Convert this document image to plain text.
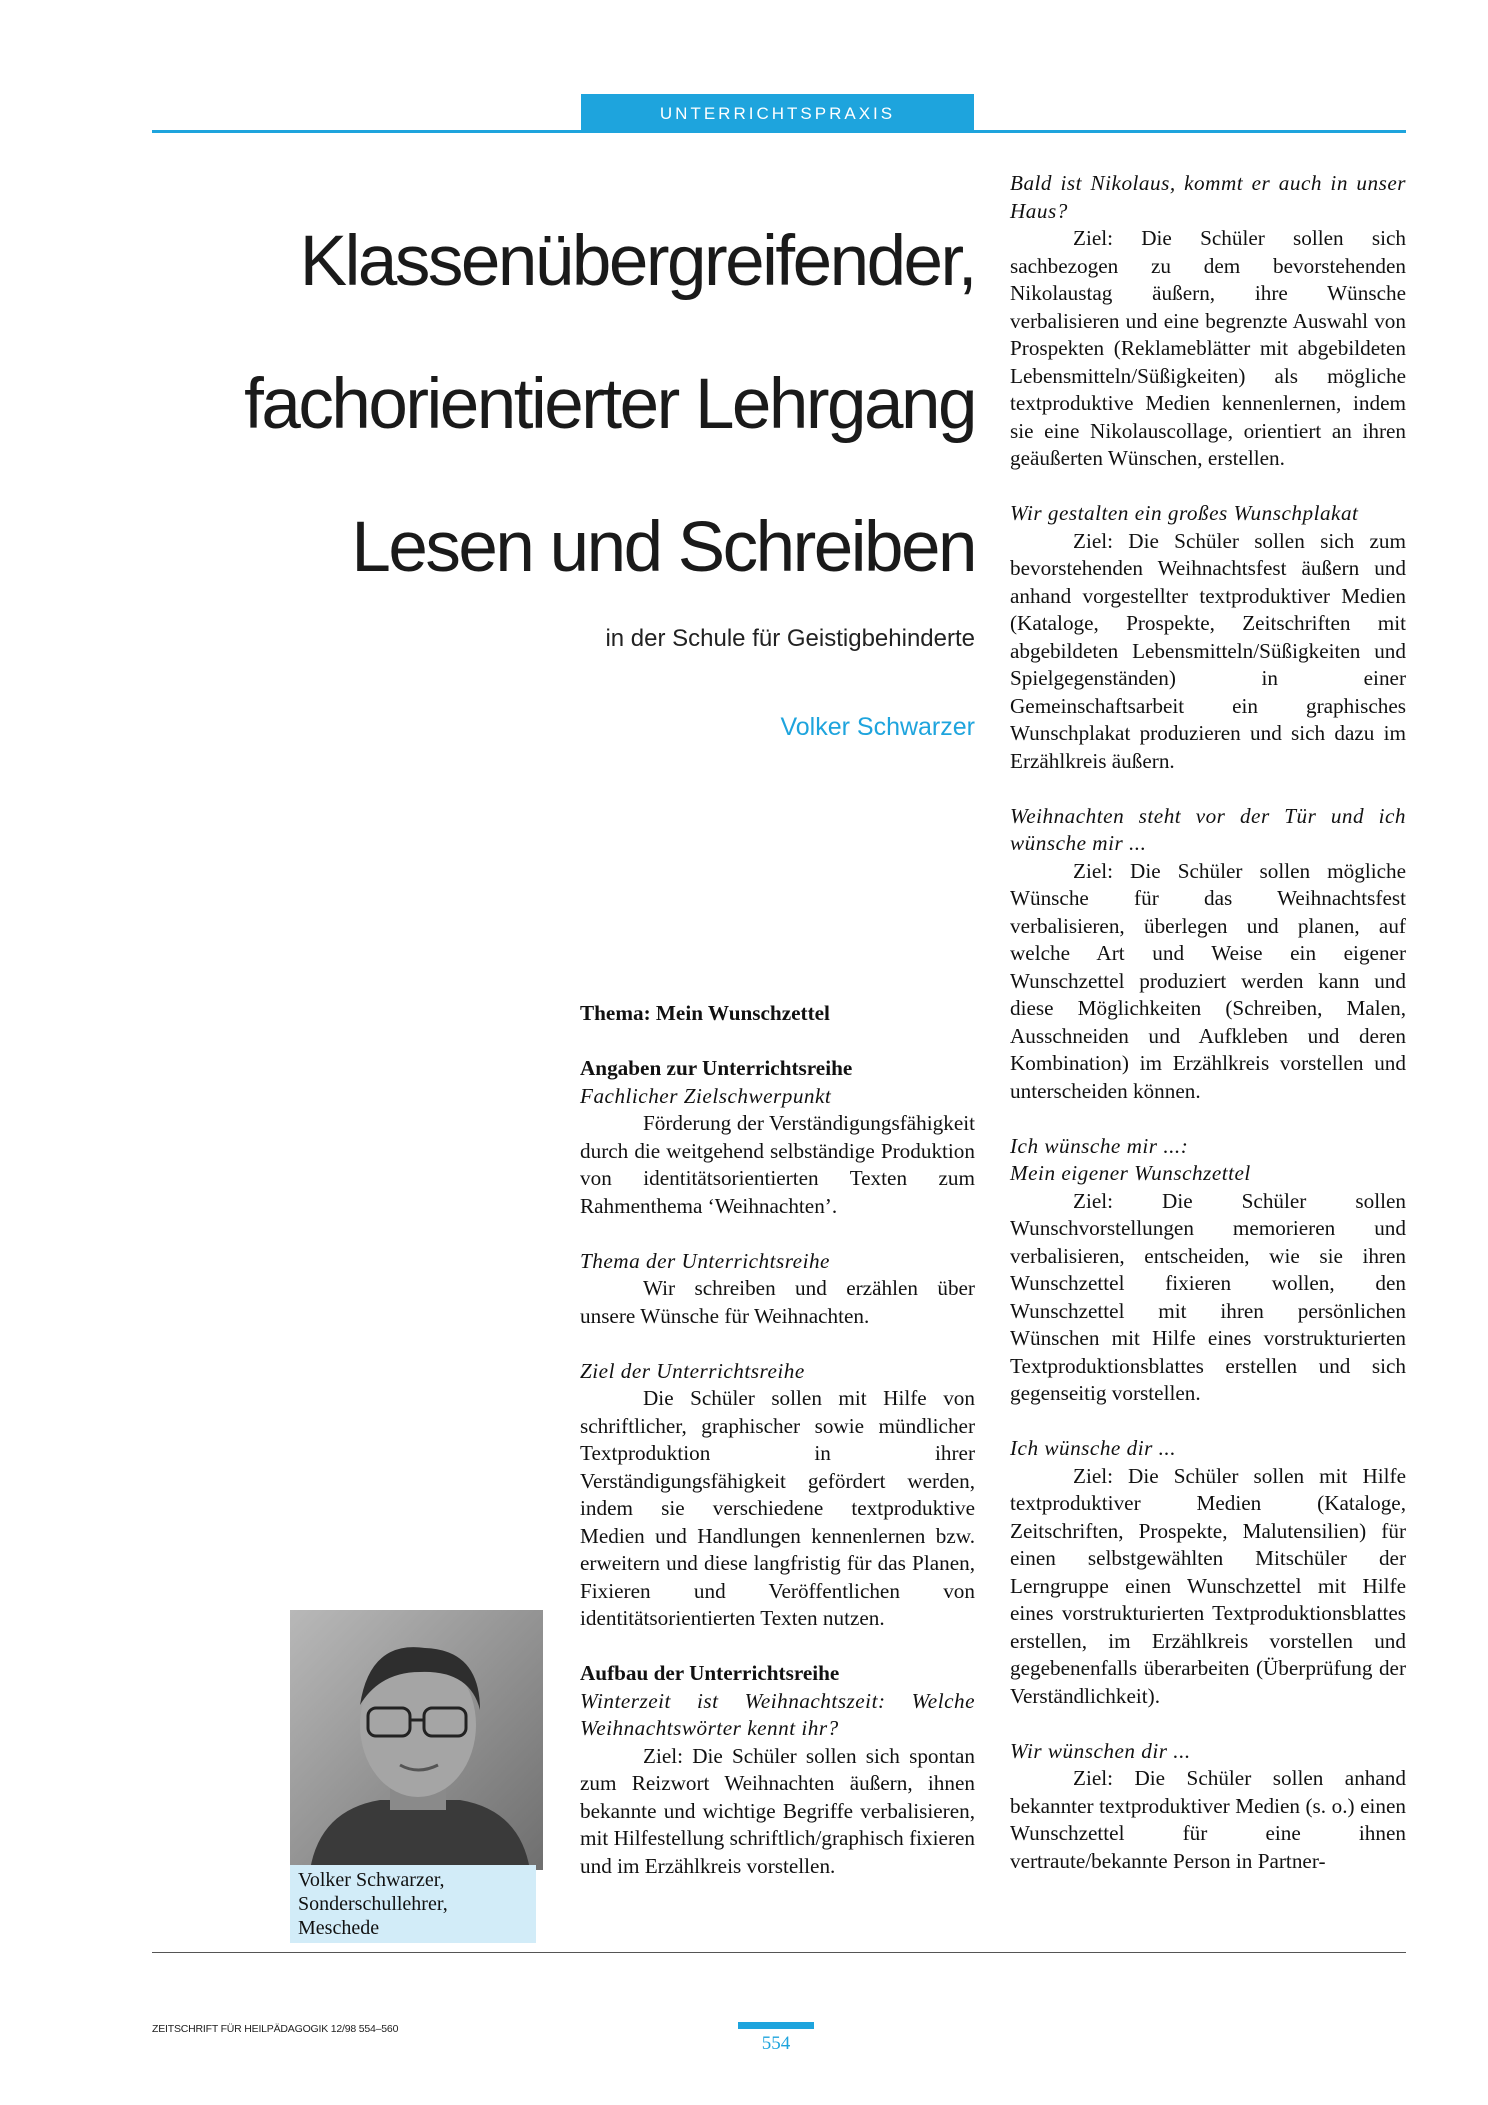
UNTERRICHTSPRAXIS
Klassenübergreifender,
fachorientierter Lehrgang
Lesen und Schreiben
in der Schule für Geistigbehinderte
Volker Schwarzer

Thema: Mein Wunschzettel

Angaben zur Unterrichtsreihe

Fachlicher Zielschwerpunkt

Förderung der Verständigungsfähigkeit durch die weitgehend selbständige Produktion von identitätsorientierten Texten zum Rahmenthema ‘Weihnachten’.

Thema der Unterrichtsreihe

Wir schreiben und erzählen über unsere Wünsche für Weihnachten.

Ziel der Unterrichtsreihe

Die Schüler sollen mit Hilfe von schriftlicher, graphischer sowie mündlicher Textproduktion in ihrer Verständigungsfähigkeit gefördert werden, indem sie verschiedene textproduktive Medien und Handlungen kennenlernen bzw. erweitern und diese langfristig für das Planen, Fixieren und Veröffentlichen von identitätsorientierten Texten nutzen.

Aufbau der Unterrichtsreihe

Winterzeit ist Weihnachtszeit: Welche Weihnachtswörter kennt ihr?

Ziel: Die Schüler sollen sich spontan zum Reizwort Weihnachten äußern, ihnen bekannte und wichtige Begriffe verbalisieren, mit Hilfestellung schriftlich/graphisch fixieren und im Erzählkreis vorstellen.

Bald ist Nikolaus, kommt er auch in unser Haus?

Ziel: Die Schüler sollen sich sachbezogen zu dem bevorstehenden Nikolaustag äußern, ihre Wünsche verbalisieren und eine begrenzte Auswahl von Prospekten (Reklameblätter mit abgebildeten Lebensmitteln/Süßigkeiten) als mögliche textproduktive Medien kennenlernen, indem sie eine Nikolauscollage, orientiert an ihren geäußerten Wünschen, erstellen.

Wir gestalten ein großes Wunschplakat

Ziel: Die Schüler sollen sich zum bevorstehenden Weihnachtsfest äußern und anhand vorgestellter textproduktiver Medien (Kataloge, Prospekte, Zeitschriften mit abgebildeten Lebensmitteln/Süßigkeiten und Spielgegenständen) in einer Gemeinschaftsarbeit ein graphisches Wunschplakat produzieren und sich dazu im Erzählkreis äußern.

Weihnachten steht vor der Tür und ich wünsche mir ...

Ziel: Die Schüler sollen mögliche Wünsche für das Weihnachtsfest verbalisieren, überlegen und planen, auf welche Art und Weise ein eigener Wunschzettel produziert werden kann und diese Möglichkeiten (Schreiben, Malen, Ausschneiden und Aufkleben und deren Kombination) im Erzählkreis vorstellen und unterscheiden können.

Ich wünsche mir ...:

Mein eigener Wunschzettel

Ziel: Die Schüler sollen Wunschvorstellungen memorieren und verbalisieren, entscheiden, wie sie ihren Wunschzettel fixieren wollen, den Wunschzettel mit ihren persönlichen Wünschen mit Hilfe eines vorstrukturierten Textproduktionsblattes erstellen und sich gegenseitig vorstellen.

Ich wünsche dir ...

Ziel: Die Schüler sollen mit Hilfe textproduktiver Medien (Kataloge, Zeitschriften, Prospekte, Malutensilien) für einen selbstgewählten Mitschüler der Lerngruppe einen Wunschzettel mit Hilfe eines vorstrukturierten Textproduktionsblattes erstellen, im Erzählkreis vorstellen und gegebenenfalls überarbeiten (Überprüfung der Verständlichkeit).

Wir wünschen dir ...

Ziel: Die Schüler sollen anhand bekannter textproduktiver Medien (s. o.) einen Wunschzettel für eine ihnen vertraute/bekannte Person in Partner-

Volker Schwarzer,
Sonderschullehrer,
Meschede
ZEITSCHRIFT FÜR HEILPÄDAGOGIK 12/98 554–560
554
